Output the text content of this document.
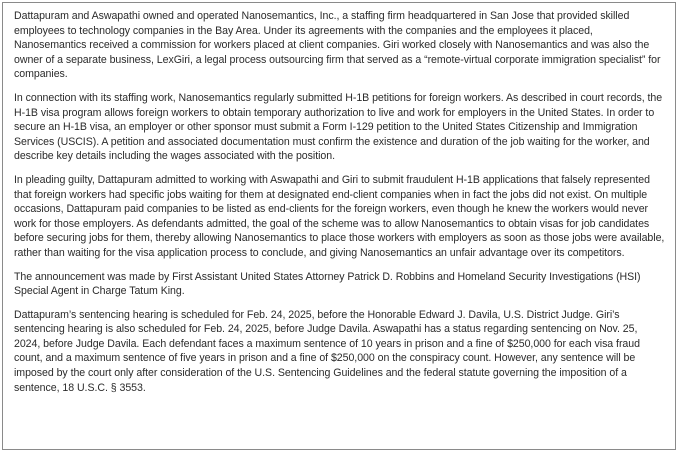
Dattapuram and Aswapathi owned and operated Nanosemantics, Inc., a staffing firm headquartered in San Jose that provided skilled employees to technology companies in the Bay Area. Under its agreements with the companies and the employees it placed, Nanosemantics received a commission for workers placed at client companies. Giri worked closely with Nanosemantics and was also the owner of a separate business, LexGiri, a legal process outsourcing firm that served as a “remote-virtual corporate immigration specialist” for companies.

In connection with its staffing work, Nanosemantics regularly submitted H-1B petitions for foreign workers. As described in court records, the H-1B visa program allows foreign workers to obtain temporary authorization to live and work for employers in the United States. In order to secure an H-1B visa, an employer or other sponsor must submit a Form I-129 petition to the United States Citizenship and Immigration Services (USCIS). A petition and associated documentation must confirm the existence and duration of the job waiting for the worker, and describe key details including the wages associated with the position.

In pleading guilty, Dattapuram admitted to working with Aswapathi and Giri to submit fraudulent H-1B applications that falsely represented that foreign workers had specific jobs waiting for them at designated end-client companies when in fact the jobs did not exist. On multiple occasions, Dattapuram paid companies to be listed as end-clients for the foreign workers, even though he knew the workers would never work for those employers. As defendants admitted, the goal of the scheme was to allow Nanosemantics to obtain visas for job candidates before securing jobs for them, thereby allowing Nanosemantics to place those workers with employers as soon as those jobs were available, rather than waiting for the visa application process to conclude, and giving Nanosemantics an unfair advantage over its competitors.

The announcement was made by First Assistant United States Attorney Patrick D. Robbins and Homeland Security Investigations (HSI) Special Agent in Charge Tatum King.

Dattapuram’s sentencing hearing is scheduled for Feb. 24, 2025, before the Honorable Edward J. Davila, U.S. District Judge. Giri’s sentencing hearing is also scheduled for Feb. 24, 2025, before Judge Davila. Aswapathi has a status regarding sentencing on Nov. 25, 2024, before Judge Davila. Each defendant faces a maximum sentence of 10 years in prison and a fine of $250,000 for each visa fraud count, and a maximum sentence of five years in prison and a fine of $250,000 on the conspiracy count. However, any sentence will be imposed by the court only after consideration of the U.S. Sentencing Guidelines and the federal statute governing the imposition of a sentence, 18 U.S.C. § 3553.
